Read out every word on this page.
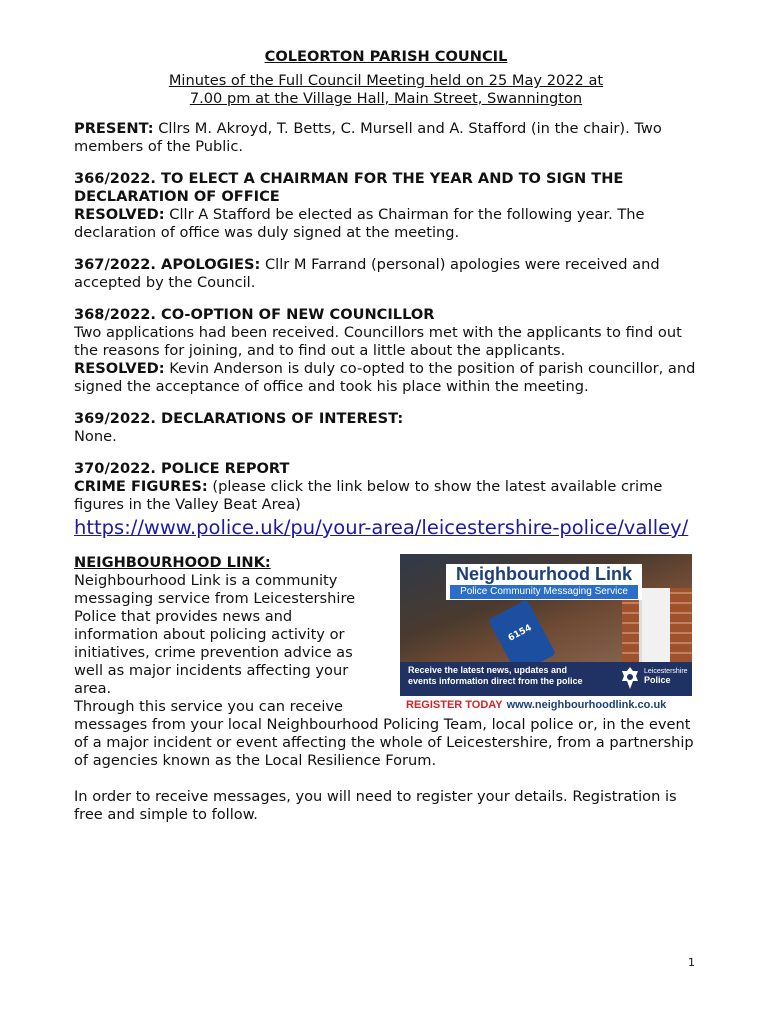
COLEORTON PARISH COUNCIL
Minutes of the Full Council Meeting held on 25 May 2022 at
7.00 pm at the Village Hall, Main Street, Swannington

PRESENT: Cllrs M. Akroyd, T. Betts, C. Mursell and A. Stafford (in the chair). Two members of the Public.

366/2022. TO ELECT A CHAIRMAN FOR THE YEAR AND TO SIGN THE DECLARATION OF OFFICE
RESOLVED: Cllr A Stafford be elected as Chairman for the following year. The declaration of office was duly signed at the meeting.

367/2022. APOLOGIES: Cllr M Farrand (personal) apologies were received and accepted by the Council.

368/2022. CO-OPTION OF NEW COUNCILLOR
Two applications had been received. Councillors met with the applicants to find out the reasons for joining, and to find out a little about the applicants.
RESOLVED: Kevin Anderson is duly co-opted to the position of parish councillor, and signed the acceptance of office and took his place within the meeting.

369/2022. DECLARATIONS OF INTEREST:
None.

370/2022. POLICE REPORT
CRIME FIGURES: (please click the link below to show the latest available crime figures in the Valley Beat Area)

https://www.police.uk/pu/your-area/leicestershire-police/valley/
NEIGHBOURHOOD LINK:
Neighbourhood Link is a community messaging service from Leicestershire Police that provides news and information about policing activity or initiatives, crime prevention advice as well as major incidents affecting your area.
Through this service you can receive

messages from your local Neighbourhood Policing Team, local police or, in the event of a major incident or event affecting the whole of Leicestershire, from a partnership of agencies known as the Local Resilience Forum.

In order to receive messages, you will need to register your details. Registration is free and simple to follow.

6154
Neighbourhood Link
Police Community Messaging Service
Receive the latest news, updates and events information direct from the police
Leicestershire
Police
REGISTER TODAY www.neighbourhoodlink.co.uk
1
